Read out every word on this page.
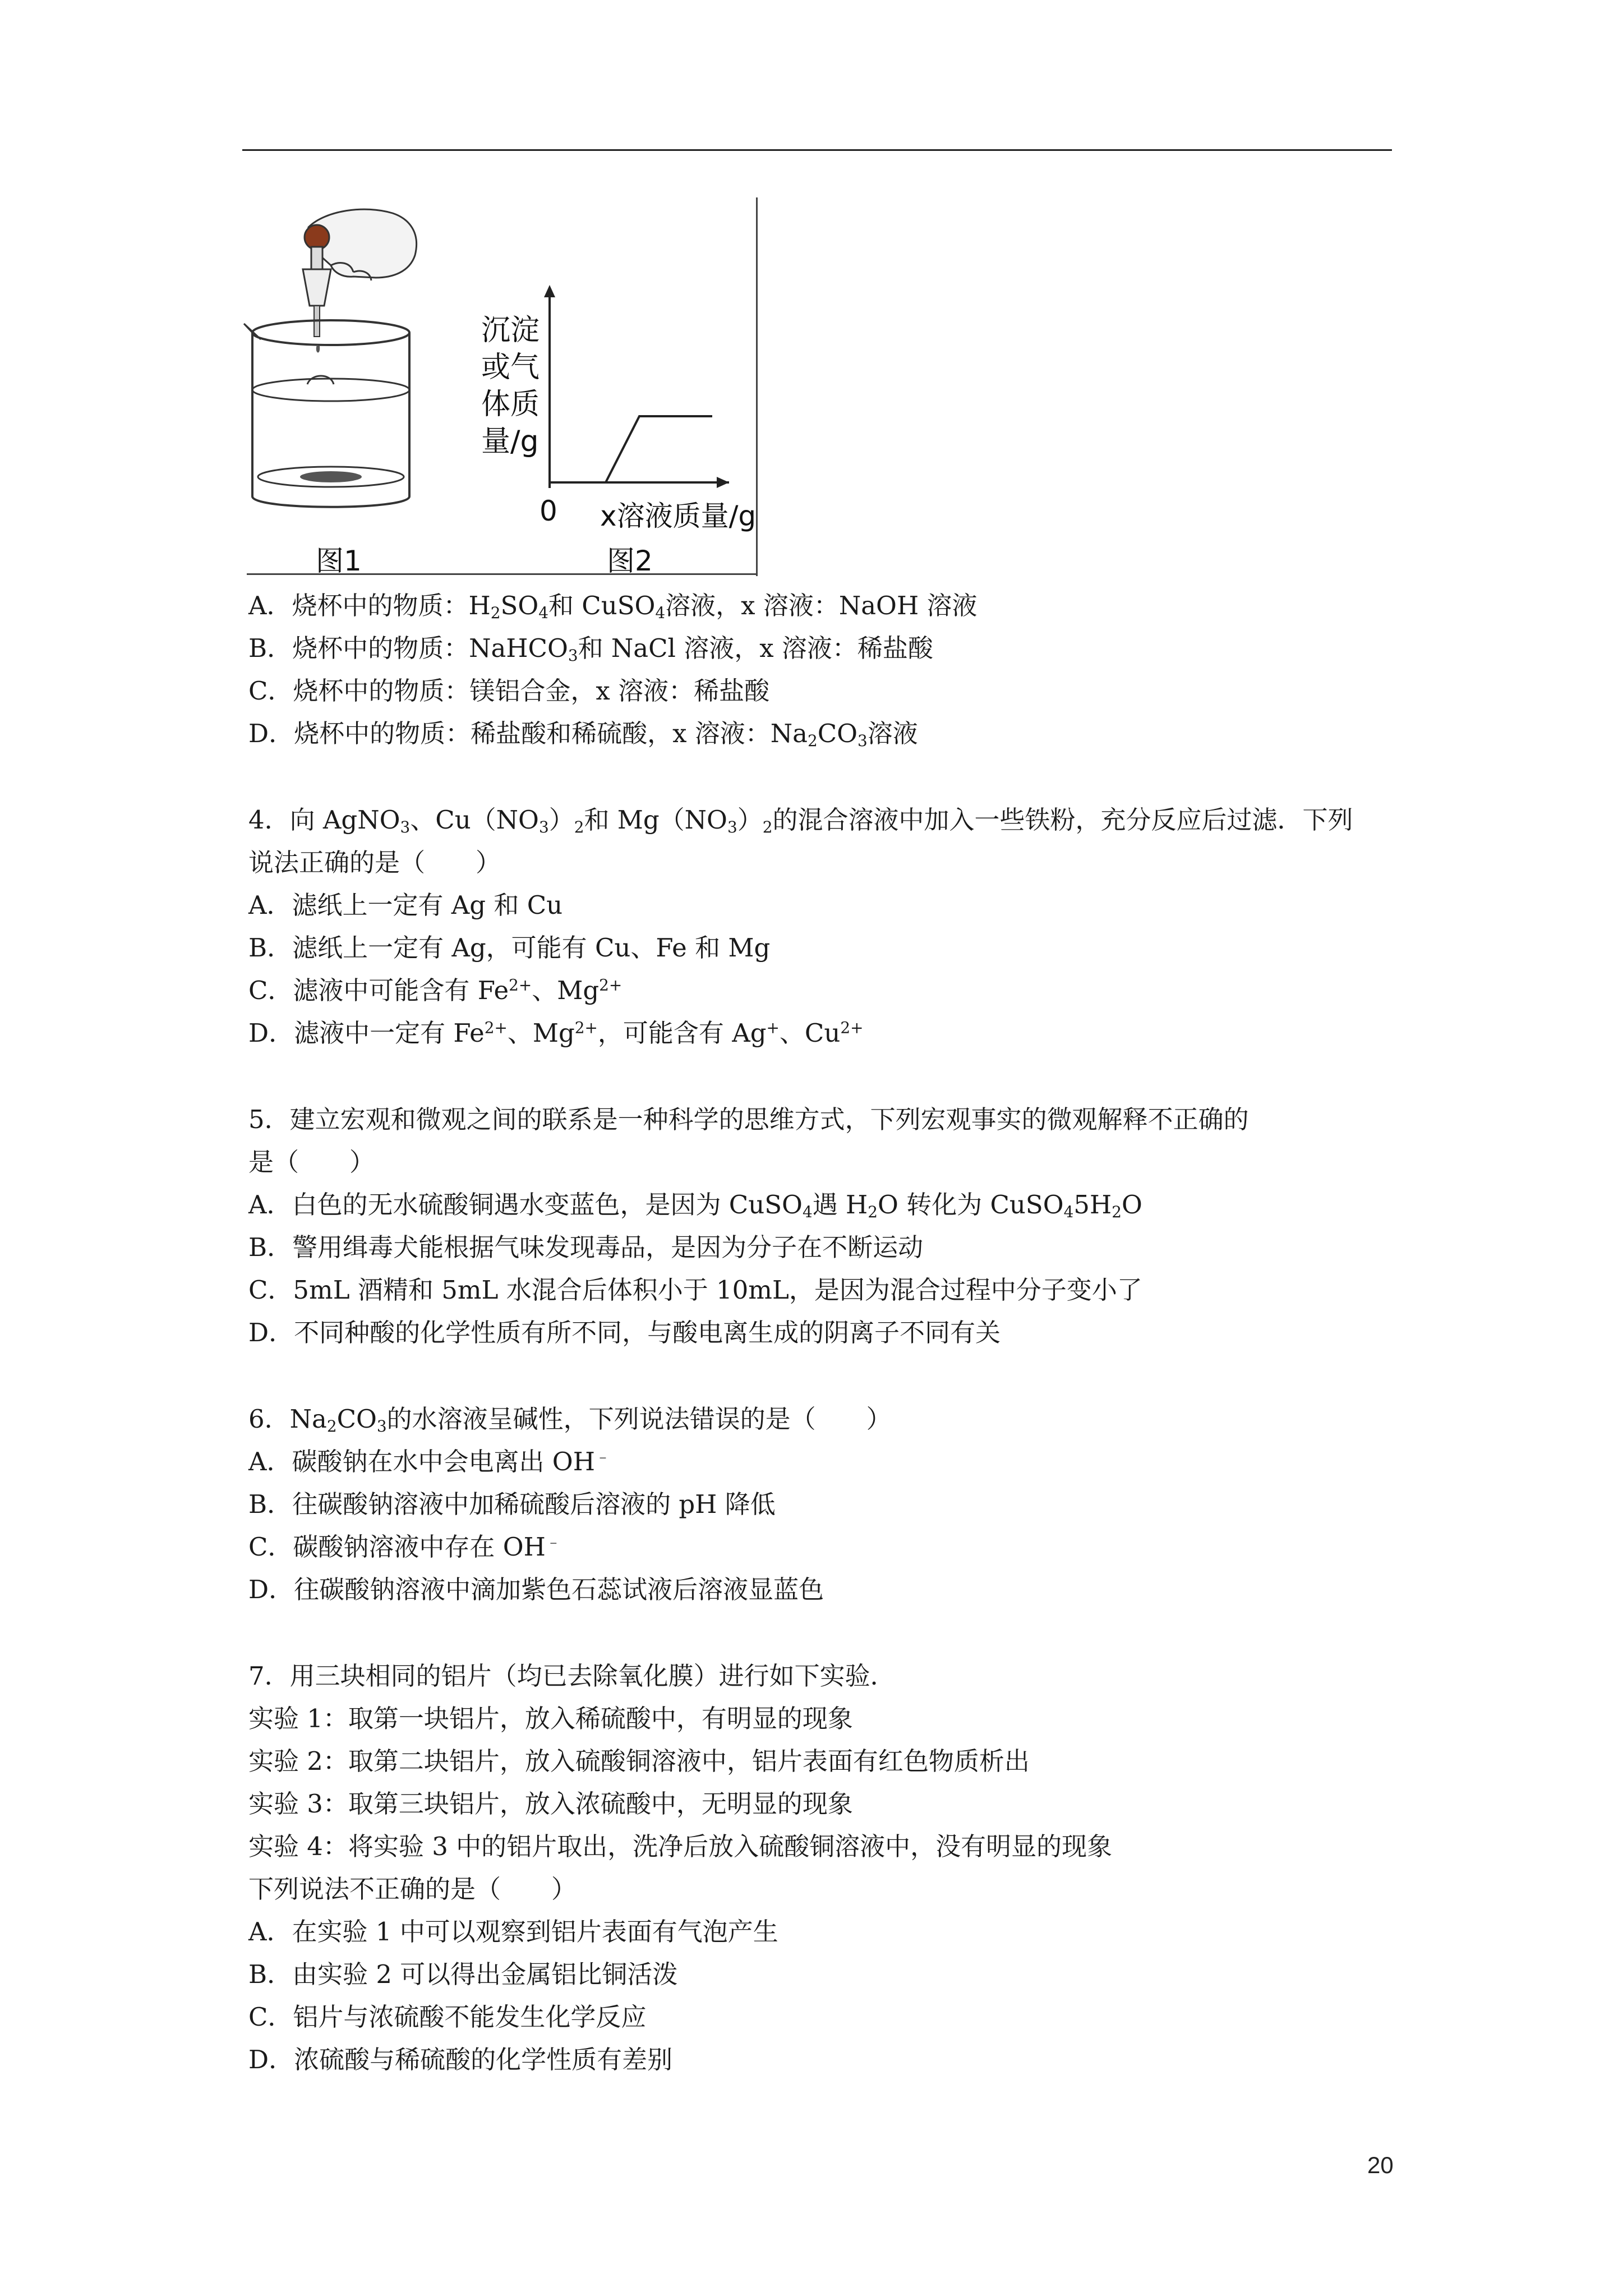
沉淀
或气
体质
量/g
0 x溶液质量/g
图1	图2
A．烧杯中的物质：$H_2SO_4$和 CuSO$_4$溶液，x 溶液：NaOH 溶液
B．烧杯中的物质：NaHCO$_3$和 NaCl 溶液，x 溶液：稀盐酸
C．烧杯中的物质：镁铝合金，x 溶液：稀盐酸
D．烧杯中的物质：稀盐酸和稀硫酸，x 溶液：$Na_2CO_3$溶液
4．向 AgNO$_3$、$Cu(NO_3)_2$和 $Mg(NO_3)_2$的混合溶液中加入一些铁粉，充分反应后过滤．下列
说法正确的是（　　）
A．滤纸上一定有 Ag 和 Cu
B．滤纸上一定有 Ag，可能有 Cu、Fe 和 Mg
C．滤液中可能含有 $Fe^{2+}$、$Mg^{2+}$
D．滤液中一定有 $Fe^{2+}$、$Mg^{2+}$，可能含有 Ag+、$Cu^{2+}$
5．建立宏观和微观之间的联系是一种科学的思维方式，下列宏观事实的微观解释不正确的
是（　　）
A．白色的无水硫酸铜遇水变蓝色，是因为 CuSO$_4$遇 $H_2O$ 转化为 $CuSO_45H_2O$
B．警用缉毒犬能根据气味发现毒品，是因为分子在不断运动
C．5mL 酒精和 5mL 水混合后体积小于 10mL，是因为混合过程中分子变小了
D．不同种酸的化学性质有所不同，与酸电离生成的阴离子不同有关
6．$Na_2CO_3$的水溶液呈碱性，下列说法错误的是（　　）
A．碳酸钠在水中会电离出 OH﹣
B．往碳酸钠溶液中加稀硫酸后溶液的 pH 降低
C．碳酸钠溶液中存在 OH﹣
D．往碳酸钠溶液中滴加紫色石蕊试液后溶液显蓝色
7．用三块相同的铝片（均已去除氧化膜）进行如下实验．
实验 1：取第一块铝片，放入稀硫酸中，有明显的现象
实验 2：取第二块铝片，放入硫酸铜溶液中，铝片表面有红色物质析出
实验 3：取第三块铝片，放入浓硫酸中，无明显的现象
实验 4：将实验 3 中的铝片取出，洗净后放入硫酸铜溶液中，没有明显的现象
下列说法不正确的是（　　）
A．在实验 1 中可以观察到铝片表面有气泡产生
B．由实验 2 可以得出金属铝比铜活泼
C．铝片与浓硫酸不能发生化学反应
D．浓硫酸与稀硫酸的化学性质有差别
20
